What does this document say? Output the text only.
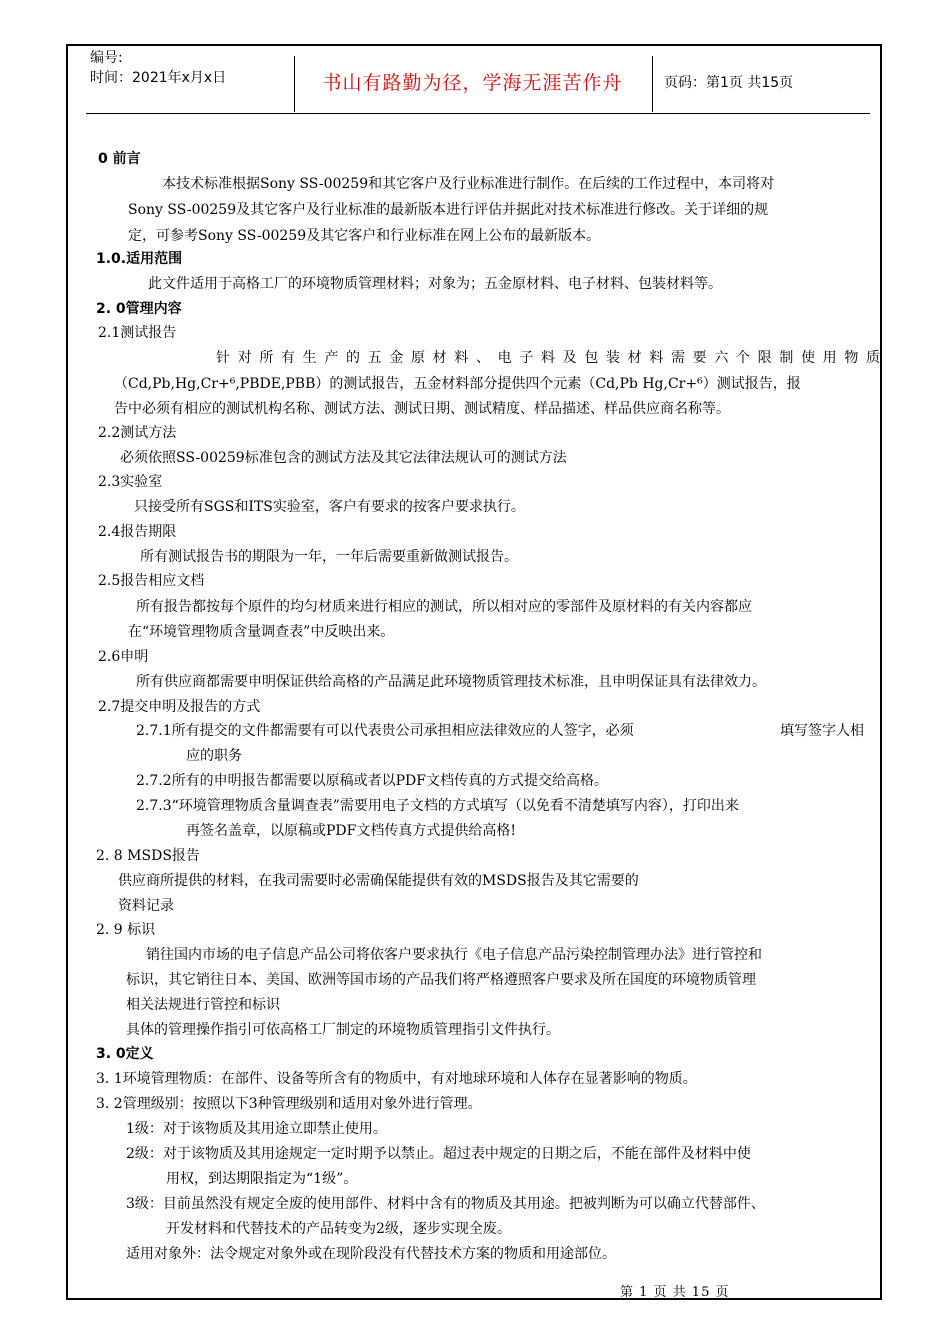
编号:
时间：2021年x月x日	书山有路勤为径，学海无涯苦作舟	页码：第1页 共15页
0 前言
本技术标准根据Sony SS-00259和其它客户及行业标准进行制作。在后续的工作过程中，本司将对
Sony SS-00259及其它客户及行业标准的最新版本进行评估并据此对技术标准进行修改。关于详细的规
定，可参考Sony SS-00259及其它客户和行业标准在网上公布的最新版本。
1.0.适用范围
此文件适用于高格工厂的环境物质管理材料；对象为；五金原材料、电子材料、包装材料等。
2. 0管理内容
2.1测试报告
针对所有生产的五金原材料、电子料及包装材料需要六个限制使用物质
（Cd,Pb,Hg,Cr+⁶,PBDE,PBB）的测试报告，五金材料部分提供四个元素（Cd,Pb Hg,Cr+⁶）测试报告，报
告中必须有相应的测试机构名称、测试方法、测试日期、测试精度、样品描述、样品供应商名称等。
2.2测试方法
必须依照SS-00259标准包含的测试方法及其它法律法规认可的测试方法
2.3实验室
只接受所有SGS和ITS实验室，客户有要求的按客户要求执行。
2.4报告期限
所有测试报告书的期限为一年，一年后需要重新做测试报告。
2.5报告相应文档
所有报告都按每个原件的均匀材质来进行相应的测试，所以相对应的零部件及原材料的有关内容都应
在“环境管理物质含量调查表”中反映出来。
2.6申明
所有供应商都需要申明保证供给高格的产品满足此环境物质管理技术标准，且申明保证具有法律效力。
2.7提交申明及报告的方式
2.7.1所有提交的文件都需要有可以代表贵公司承担相应法律效应的人签字，必须	填写签字人相
应的职务
2.7.2所有的申明报告都需要以原稿或者以PDF文档传真的方式提交给高格。
2.7.3“环境管理物质含量调查表”需要用电子文档的方式填写（以免看不清楚填写内容），打印出来
再签名盖章，以原稿或PDF文档传真方式提供给高格!
2. 8 MSDS报告
供应商所提供的材料，在我司需要时必需确保能提供有效的MSDS报告及其它需要的
资料记录
2. 9 标识
销往国内市场的电子信息产品公司将依客户要求执行《电子信息产品污染控制管理办法》进行管控和
标识，其它销往日本、美国、欧洲等国市场的产品我们将严格遵照客户要求及所在国度的环境物质管理
相关法规进行管控和标识
具体的管理操作指引可依高格工厂制定的环境物质管理指引文件执行。
3. 0定义
3. 1环境管理物质：在部件、设备等所含有的物质中，有对地球环境和人体存在显著影响的物质。
3. 2管理级别：按照以下3种管理级别和适用对象外进行管理。
1级：对于该物质及其用途立即禁止使用。
2级：对于该物质及其用途规定一定时期予以禁止。超过表中规定的日期之后，不能在部件及材料中使
用权，到达期限指定为“1级”。
3级：目前虽然没有规定全废的使用部件、材料中含有的物质及其用途。把被判断为可以确立代替部件、
开发材料和代替技术的产品转变为2级，逐步实现全废。
适用对象外：法令规定对象外或在现阶段没有代替技术方案的物质和用途部位。
第 1 页 共 15 页
